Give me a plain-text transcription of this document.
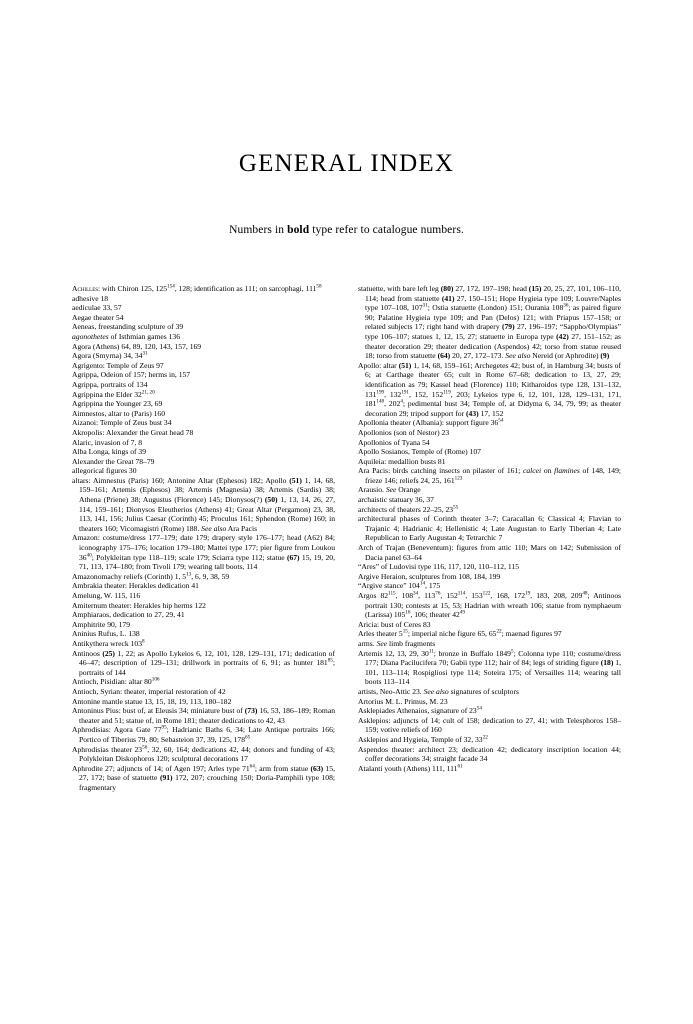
GENERAL INDEX

Numbers in bold type refer to catalogue numbers.

Achilles: with Chiron 125, $125^{154}$, 128; identification as 111; on sarcophagi, $111^{58}$

adhesive 18

aediculae 33, 57

Aegae theater 54

Aeneas, freestanding sculpture of 39

agonothetes of Isthmian games 136

Agora (Athens) 64, 89, 120, 143, 157, 169

Agora (Smyrna) 34, $34^{31}$

Agrigento: Temple of Zeus 97

Agrippa, Odeion of 157; herms in, 157

Agrippa, portraits of 134

Agrippina the Elder 32$^{21, 20}$

Agrippina the Younger 23, 69

Aimnestos, altar to (Paris) 160

Aizanoi: Temple of Zeus bust 34

Akropolis: Alexander the Great head 78

Alaric, invasion of 7, 8

Alba Longa, kings of 39

Alexander the Great 78–79

allegorical figures 30

altars: Aimnestus (Paris) 160; Antonine Altar (Ephesos) 182; Apollo (51) 1, 14, 68, 159–161; Artemis (Ephesos) 38; Artemis (Magnesia) 38; Artemis (Sardis) 38; Athena (Priene) 38; Augustus (Florence) 145; Dionysos(?) (50) 1, 13, 14, 26, 27, 114, 159–161; Dionysos Eleutherios (Athens) 41; Great Altar (Pergamon) 23, 38, 113, 141, 156; Julius Caesar (Corinth) 45; Proculus 161; Sphendon (Rome) 160; in theaters 160; Vicomagistri (Rome) 188. See also Ara Pacis

Amazon: costume/dress 177–179; date 179; drapery style 176–177; head (A62) 84; iconography 175–176; location 179–180; Mattei type 177; pier figure from Loukou $36^{40}$; Polykleitan type 118–119; scale 179; Sciarra type 112; statue (67) 15, 19, 20, 71, 113, 174–180; from Tivoli 179; wearing tall boots, 114

Amazonomachy reliefs (Corinth) 1, $5^{13}$, 6, 9, 38, 59

Ambrakia theater: Herakles dedication 41

Amelung, W. 115, 116

Amiternum theater: Herakles hip herms 122

Amphiaraos, dedication to 27, 29, 41

Amphitrite 90, 179

Aninius Rufus, L. 138

Antikythera wreck $103^8$

Antinoos (25) 1, 22; as Apollo Lykeios 6, 12, 101, 128, 129–131, 171; dedication of 46–47; description of 129–131; drillwork in portraits of 6, 91; as hunter $181^{85}$; portraits of 144

Antioch, Pisidian: altar $80^{106}$

Antioch, Syrian: theater, imperial restoration of 42

Antonine mantle statue 13, 15, 18, 19, 113, 180–182

Antoninus Pius: bust of, at Eleusis 34; miniature bust of (73) 16, 53, 186–189; Roman theater and 51; statue of, in Rome 181; theater dedications to 42, 43

Aphrodisias: Agora Gate $77^{95}$; Hadrianic Baths 6, 34; Late Antique portraits 166; Portico of Tiberius 79, 80; Sebasteion 37, 39, 125, $178^{65}$

Aphrodisias theater $23^{56}$, 32, 60, 164; dedications 42, 44; donors and funding of 43; Polykleitan Diskophoros 120; sculptural decorations 17

Aphrodite 27; adjuncts of 14; of Agen 197; Arles type $71^{64}$; arm from statue (63) 15, 27, 172; base of statuette (91) 172, 207; crouching 150; Doria-Pamphili type 108; fragmentary

statuette, with bare left leg (80) 27, 172, 197–198; head (15) 20, 25, 27, 101, 106–110, 114; head from statuette (41) 27, 150–151; Hope Hygieia type 109; Louvre/Naples type 107–108, $107^{31}$; Ostia statuette (London) 151; Ourania $108^{36}$; as paired figure 90; Palatine Hygieia type 109; and Pan (Delos) 121; with Priapus 157–158; or related subjects 17; right hand with drapery (79) 27, 196–197; “Sappho/Olympias” type 106–107; statues 1, 12, 15, 27; statuette in Europa type (42) 27, 151–152; as theater decoration 29; theater dedication (Aspendos) 42; torso from statue reused 18; torso from statuette (64) 20, 27, 172–173. See also Nereid (or Aphrodite) (9)

Apollo: altar (51) 1, 14, 68, 159–161; Archegetes 42; bust of, in Hamburg 34; busts of 6; at Carthage theater 65; cult in Rome 67–68; dedication to 13, 27, 29; identification as 79; Kassel head (Florence) 110; Kitharoidos type 128, 131–132, $131^{199}$, $132^{191}$, 152, $152^{119}$, 203; Lykeios type 6, 12, 101, 128, 129–131, 171, $181^{148}$, $202^4$; pedimental bust 34; Temple of, at Didyma 6, 34, 79, 99; as theater decoration 29; tripod support for (43) 17, 152

Apollonia theater (Albania): support figure $36^{54}$

Apollonios (son of Nestor) 23

Apollonios of Tyana 54

Apollo Sosianos, Temple of (Rome) 107

Aquileia: medallion busts 81

Ara Pacis: birds catching insects on pilaster of 161; calcei on flamines of 148, 149; frieze 146; reliefs 24, 25, $161^{123}$

Arausio. See Orange

archaistic statuary 36, 37

architects of theaters 22–25, $23^{55}$

architectural phases of Corinth theater 3–7; Caracallan 6; Classical 4; Flavian to Trajanic 4; Hadrianic 4; Hellenistic 4; Late Augustan to Early Tiberian 4; Late Republican to Early Augustan 4; Tetrarchic 7

Arch of Trajan (Beneventum): figures from attic 110; Mars on 142; Submission of Dacia panel 63–64

“Ares” of Ludovisi type 116, 117, 120, 110–112, 115

Argive Heraion, sculptures from 108, 184, 199

“Argive stance” $104^{14}$, 175

Argos $82^{115}$, $108^{34}$, $113^{76}$, $152^{114}$, $153^{122}$, 168, $172^{19}$, 183, 208, $209^{48}$; Antinoos portrait 130; contests at 15, 53; Hadrian with wreath 106; statue from nymphaeum (Larissa) $105^{16}$, 106; theater $42^{49}$

Aricia: bust of Ceres 83

Arles theater $5^{15}$; imperial niche figure 65, $65^{22}$; maenad figures 97

arms. See limb fragments

Artemis 12, 13, 29, $30^{11}$; bronze in Buffalo 1849$^5$; Colonna type 110; costume/dress 177; Diana Pacilucifera 70; Gabii type 112; hair of 84; legs of striding figure (18) 1, 101, 113–114; Rospigliosi type 114; Soteira 175; of Versailles 114; wearing tall boots 113–114

artists, Neo-Attic 23. See also signatures of sculptors

Artorius M. L. Primus, M. 23

Asklepiades Athenaios, signature of $23^{54}$

Asklepios: adjuncts of 14; cult of 158; dedication to 27, 41; with Telesphoros 158–159; votive reliefs of 160

Asklepios and Hygieia, Temple of 32, $33^{22}$

Aspendos theater: architect 23; dedication 42; dedicatory inscription location 44; coffer decorations 34; straight facade 34

Atalanti youth (Athens) 111, $111^{61}$
